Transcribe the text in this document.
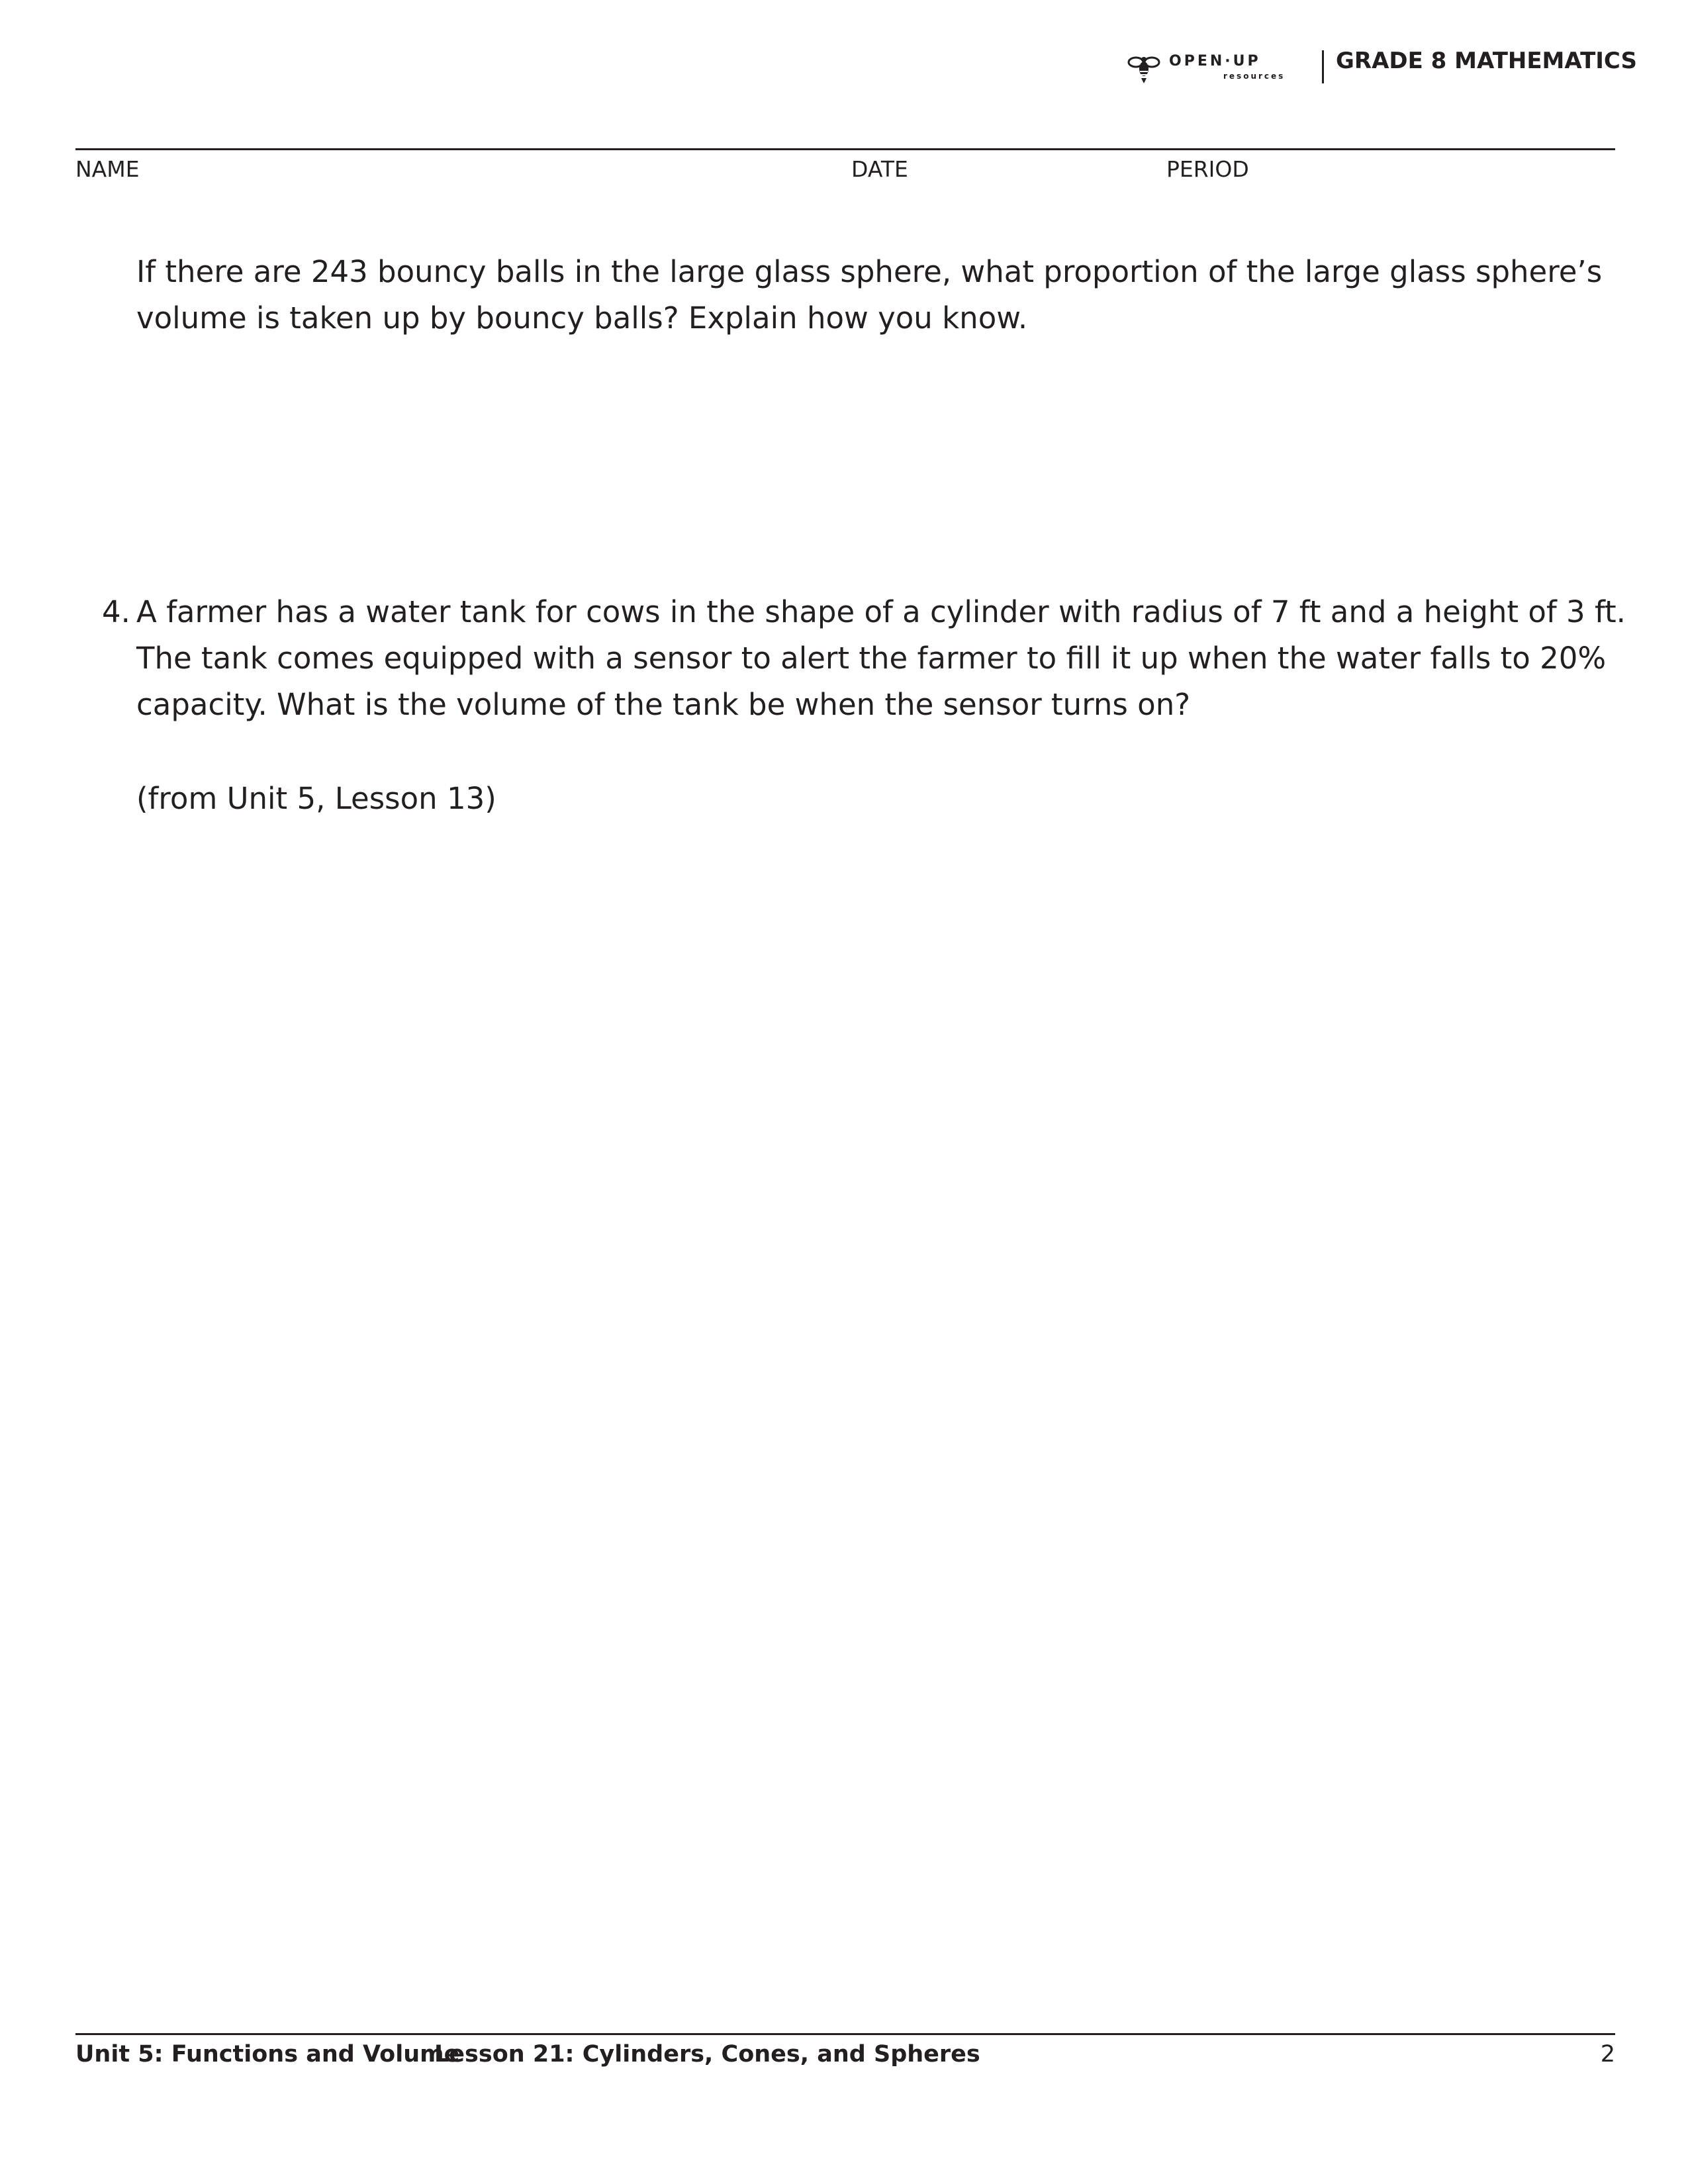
OPEN·UP
resources
GRADE 8 MATHEMATICS
NAME	DATE	PERIOD
If there are 243 bouncy balls in the large glass sphere, what proportion of the large glass sphere’s
volume is taken up by bouncy balls? Explain how you know.
4. A farmer has a water tank for cows in the shape of a cylinder with radius of 7 ft and a height of 3 ft.
The tank comes equipped with a sensor to alert the farmer to fill it up when the water falls to 20%
capacity. What is the volume of the tank be when the sensor turns on?
(from Unit 5, Lesson 13)
Unit 5: Functions and Volume
Lesson 21: Cylinders, Cones, and Spheres	2
